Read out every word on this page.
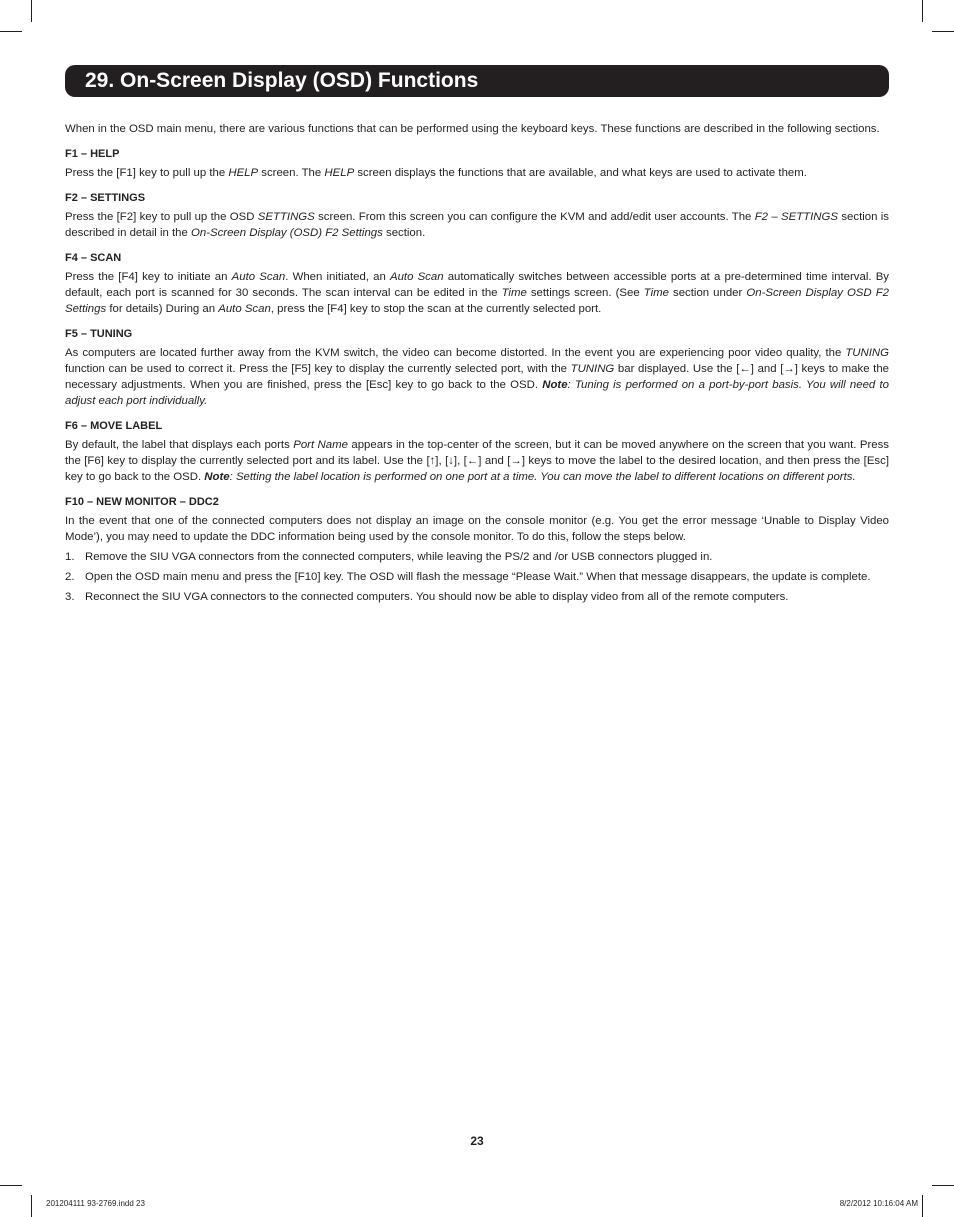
29. On-Screen Display (OSD) Functions

When in the OSD main menu, there are various functions that can be performed using the keyboard keys. These functions are described in the following sections.

F1 – HELP

Press the [F1] key to pull up the HELP screen. The HELP screen displays the functions that are available, and what keys are used to activate them.

F2 – SETTINGS

Press the [F2] key to pull up the OSD SETTINGS screen. From this screen you can configure the KVM and add/edit user accounts. The F2 – SETTINGS section is described in detail in the On-Screen Display (OSD) F2 Settings section.

F4 – SCAN

Press the [F4] key to initiate an Auto Scan. When initiated, an Auto Scan automatically switches between accessible ports at a pre-determined time interval. By default, each port is scanned for 30 seconds. The scan interval can be edited in the Time settings screen. (See Time section under On-Screen Display OSD F2 Settings for details) During an Auto Scan, press the [F4] key to stop the scan at the currently selected port.

F5 – TUNING

As computers are located further away from the KVM switch, the video can become distorted. In the event you are experiencing poor video quality, the TUNING function can be used to correct it. Press the [F5] key to display the currently selected port, with the TUNING bar displayed. Use the [←] and [→] keys to make the necessary adjustments. When you are finished, press the [Esc] key to go back to the OSD. Note: Tuning is performed on a port-by-port basis. You will need to adjust each port individually.

F6 – MOVE LABEL

By default, the label that displays each ports Port Name appears in the top-center of the screen, but it can be moved anywhere on the screen that you want. Press the [F6] key to display the currently selected port and its label. Use the [↑], [↓], [←] and [→] keys to move the label to the desired location, and then press the [Esc] key to go back to the OSD. Note: Setting the label location is performed on one port at a time. You can move the label to different locations on different ports.

F10 – NEW MONITOR – DDC2

In the event that one of the connected computers does not display an image on the console monitor (e.g. You get the error message ‘Unable to Display Video Mode’), you may need to update the DDC information being used by the console monitor. To do this, follow the steps below.

1. Remove the SIU VGA connectors from the connected computers, while leaving the PS/2 and /or USB connectors plugged in.
2. Open the OSD main menu and press the [F10] key. The OSD will flash the message “Please Wait.” When that message disappears, the update is complete.
3. Reconnect the SIU VGA connectors to the connected computers. You should now be able to display video from all of the remote computers.
23
201204111 93-2769.indd 23	8/2/2012 10:16:04 AM
